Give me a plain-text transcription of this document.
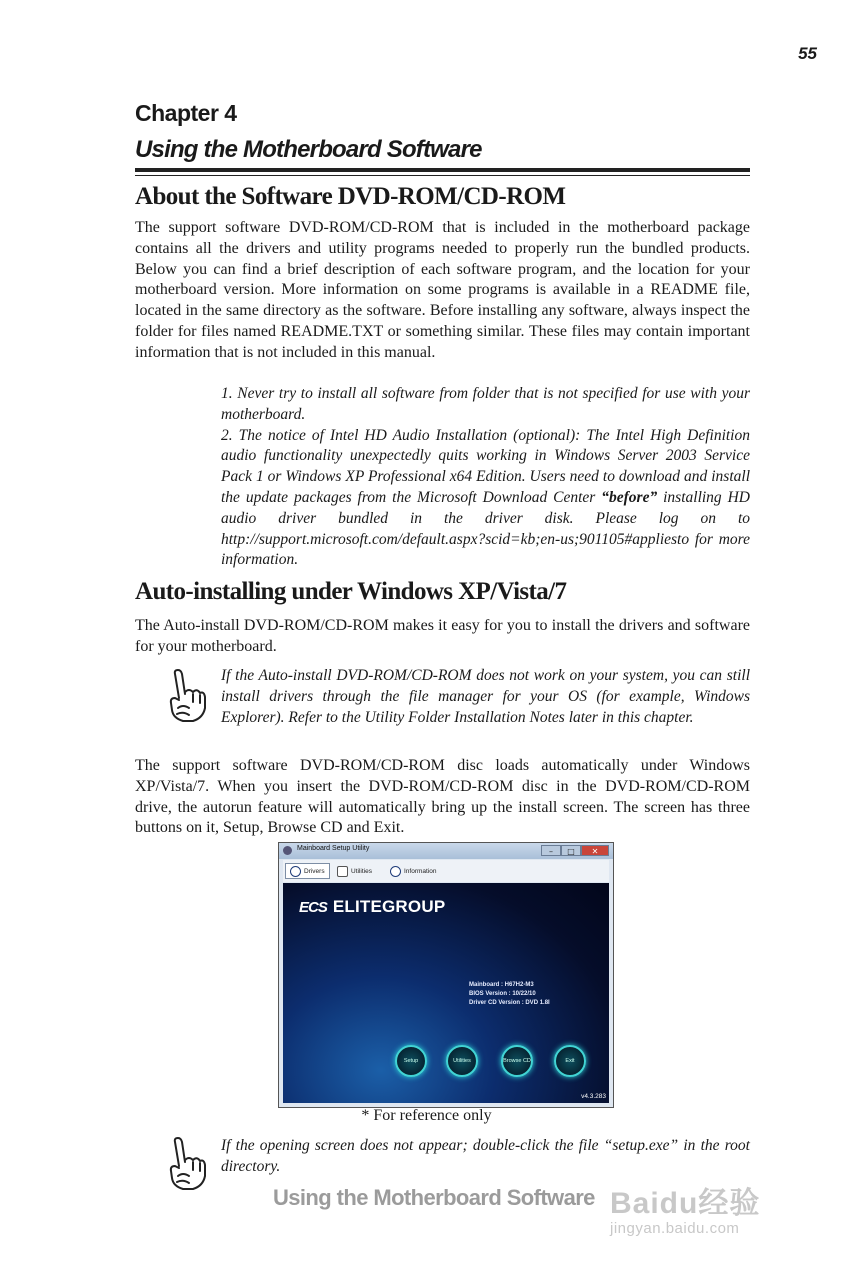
55
Chapter 4
Using the Motherboard Software
About the Software DVD-ROM/CD-ROM

The support software DVD-ROM/CD-ROM that is included in the motherboard package contains all the drivers and utility programs needed to properly run the bundled products. Below you can find a brief description of each software program, and the location for your motherboard version. More information on some programs is available in a README file, located in the same directory as the software. Before installing any software, always inspect the folder for files named README.TXT or something similar. These files may contain important information that is not included in this manual.

1. Never try to install all software from folder that is not specified for use with your motherboard.

2. The notice of Intel HD Audio Installation (optional): The Intel High Definition audio functionality unexpectedly quits working in Windows Server 2003 Service Pack 1 or Windows XP Professional x64 Edition. Users need to download and install the update packages from the Microsoft Download Center “before” installing HD audio driver bundled in the driver disk. Please log on to http://support.microsoft.com/default.aspx?scid=kb;en-us;901105#appliesto for more information.

Auto-installing under Windows XP/Vista/7

The Auto-install DVD-ROM/CD-ROM makes it easy for you to install the drivers and software for your motherboard.

If the Auto-install DVD-ROM/CD-ROM does not work on your system, you can still install drivers through the file manager for your OS (for example, Windows Explorer). Refer to the Utility Folder Installation Notes later in this chapter.

The support software DVD-ROM/CD-ROM disc loads automatically under Windows XP/Vista/7. When you insert the DVD-ROM/CD-ROM disc in the DVD-ROM/CD-ROM drive, the autorun feature will automatically bring up the install screen. The screen has three buttons on it, Setup, Browse CD and Exit.

Mainboard Setup Utility	–	□	✕
Drivers	Utilities	Information
ECS ELITEGROUP
Mainboard : H67H2-M3
BIOS Version : 10/22/10
Driver CD Version : DVD 1.8I
Setup	Utilities	Browse CD	Exit
v4.3.283
* For reference only
If the opening screen does not appear; double-click the file “setup.exe” in the root directory.
Using the Motherboard Software Baidu经验
jingyan.baidu.com
